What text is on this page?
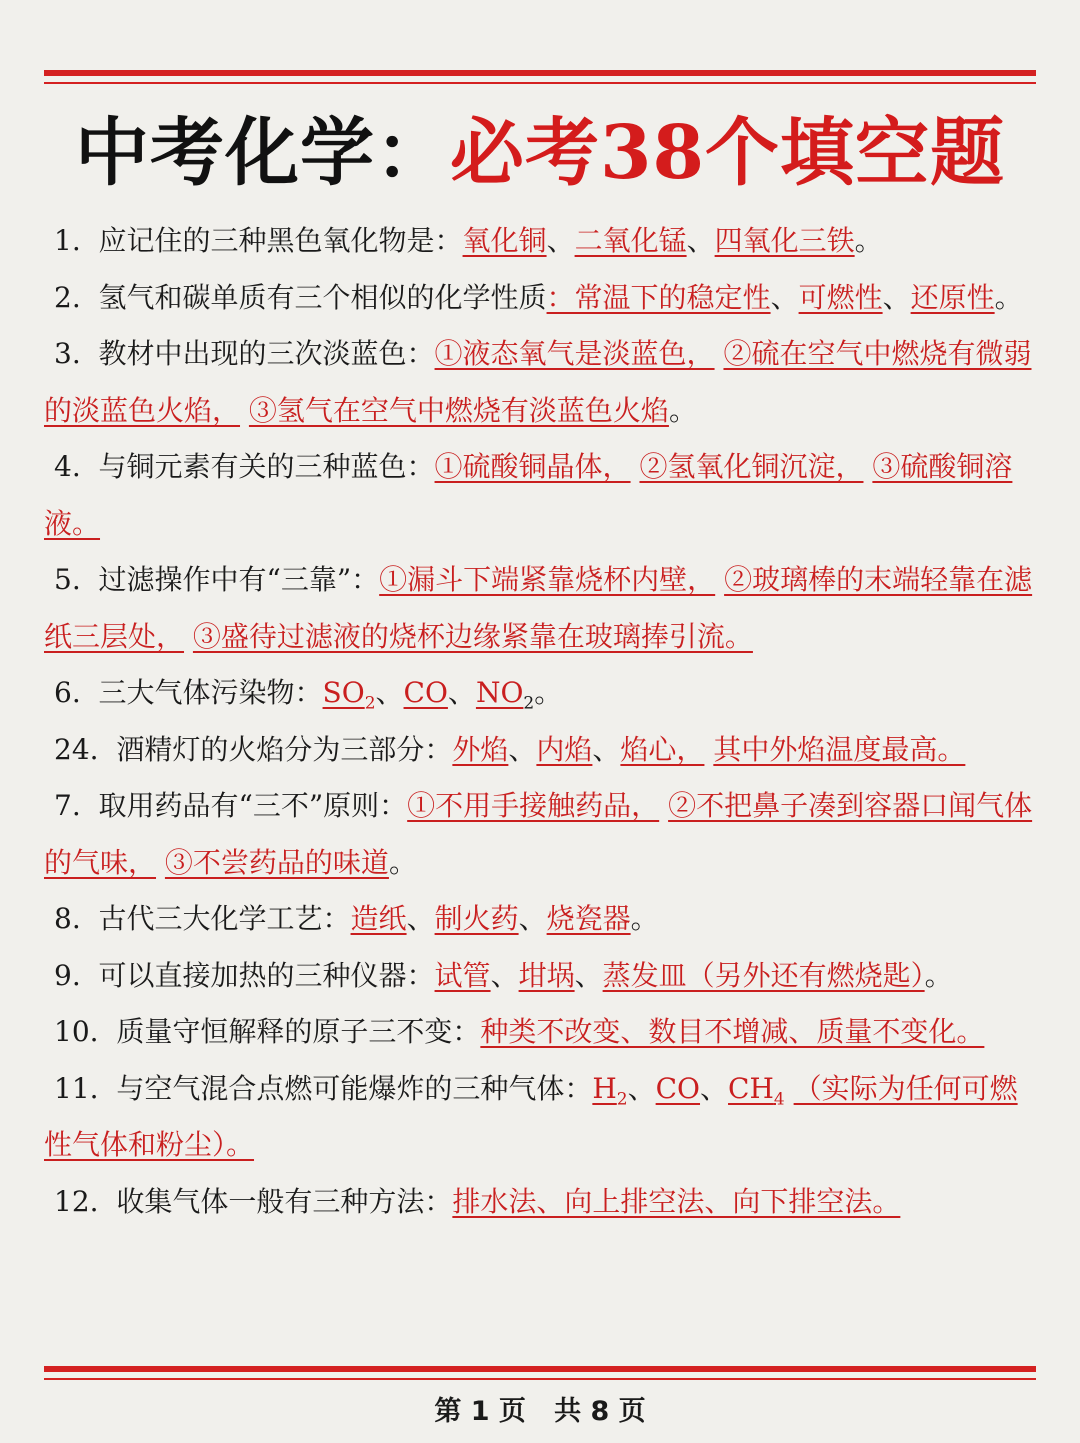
中考化学：必考38个填空题
1. 应记住的三种黑色氧化物是：氧化铜、二氧化锰、四氧化三铁。
2. 氢气和碳单质有三个相似的化学性质：常温下的稳定性、可燃性、还原性。
3. 教材中出现的三次淡蓝色：①液态氧气是淡蓝色， ②硫在空气中燃烧有微弱的淡蓝色火焰， ③氢气在空气中燃烧有淡蓝色火焰。
4. 与铜元素有关的三种蓝色：①硫酸铜晶体， ②氢氧化铜沉淀， ③硫酸铜溶液。
5. 过滤操作中有“三靠”：①漏斗下端紧靠烧杯内壁， ②玻璃棒的末端轻靠在滤纸三层处， ③盛待过滤液的烧杯边缘紧靠在玻璃捧引流。
6. 三大气体污染物：$SO_2$、CO、$NO_2$。
24. 酒精灯的火焰分为三部分：外焰、内焰、焰心， 其中外焰温度最高。
7. 取用药品有“三不”原则：①不用手接触药品， ②不把鼻子凑到容器口闻气体的气味， ③不尝药品的味道。
8. 古代三大化学工艺：造纸、制火药、烧瓷器。
9. 可以直接加热的三种仪器：试管、坩埚、蒸发皿（另外还有燃烧匙）。
10. 质量守恒解释的原子三不变：种类不改变、数目不增减、质量不变化。
11. 与空气混合点燃可能爆炸的三种气体：$H_2$、CO、$CH_4$ （实际为任何可燃性气体和粉尘）。
12. 收集气体一般有三种方法：排水法、向上排空法、向下排空法。
第 1 页   共 8 页
